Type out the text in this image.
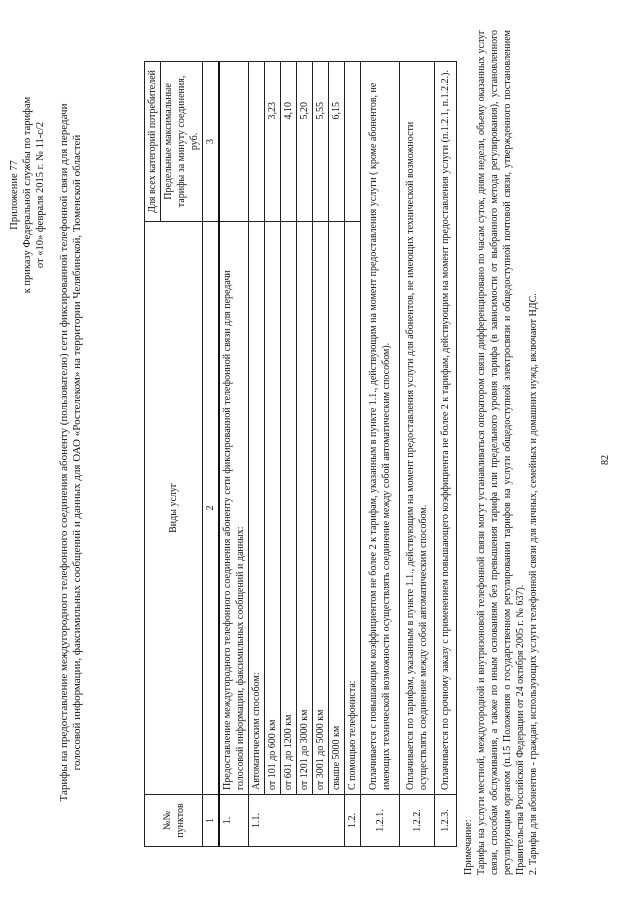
Приложение 77 к приказу Федеральной службы по тарифам от «10» февраля 2015 г. № 11-с/2 Тарифы на предоставление междугородного телефонного соединения абоненту (пользователю) сети фиксированной телефонной связи для передачи голосовой информации, факсимильных сообщений и данных для ОАО «Ростелеком» на территории Челябинской, Тюменской областей
№№ пунктов	Виды услуг	Для всех категорий потребителей
		Предельные максимальные тарифы за минуту соединения, руб.
1	2	3
1.	Предоставление междугородного телефонного соединения абоненту сети фиксированной телефонной связи для передачи голосовой информации, факсимильных сообщений и данных:	
1.1.	Автоматическим способом:	
	от 101 до 600 км	3,23
	от 601 до 1200 км	4,10
	от 1201 до 3000 км	5,20
	от 3001 до 5000 км	5,55
	свыше 5000 км	6,15
1.2.	С помощью телефониста:	
1.2.1.	Оплачивается с повышающим коэффициентом не более 2 к тарифам, указанным в пункте 1.1., действующим на момент предоставления услуги ( кроме абонентов, не имеющих технической возможности осуществлять соединение между собой автоматическим способом).	
1.2.2.	Оплачивается по тарифам, указанным в пункте 1.1., действующим на момент предоставления услуги для абонентов, не имеющих технической возможности осуществлять соединение между собой автоматическим способом.	
1.2.3.	Оплачивается по срочному заказу с применением повышающего коэффициента не более 2 к тарифам, действующим на момент предоставления услуги (п.1.2.1, п.1.2.2.).	
Примечание: Тарифы на услуги местной, междугородной и внутризоновой телефонной связи могут устанавливаться оператором связи дифференцировано по часам суток, дням недели, объему оказанных услуг связи, способам обслуживания, а также по иным основаниям без превышения тарифа или предельного уровня тарифа (в зависимости от выбранного метода регулирования), установленного регулирующим органом (п.15 Положения о государственном регулировании тарифов на услуги общедоступной электросвязи и общедоступной почтовой связи, утвержденного постановлением Правительства Российской Федерации от 24 октября 2005 г. № 637). 2. Тарифы для абонентов - граждан, использующих услуги телефонной связи для личных, семейных и домашних нужд, включают НДС.	82
